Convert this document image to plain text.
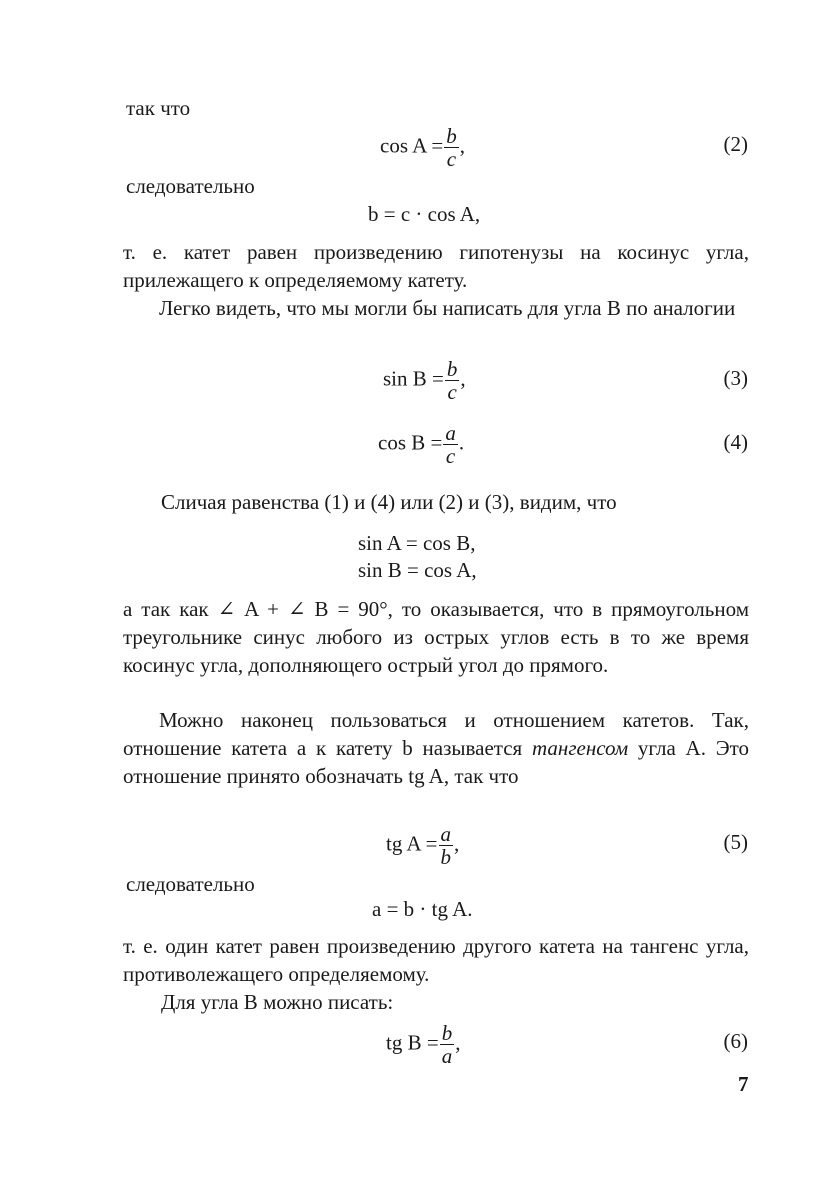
так что
$\cos A = \frac{b}{c}$ ,	(2)
следовательно
b = c · cos A,
т. е. катет равен произведению гипотенузы на косинус угла, прилежащего к определяемому катету.
Легко видеть, что мы могли бы написать для угла B по аналогии
$\sin B = \frac{b}{c}$ ,	(3)
$\cos B = \frac{a}{c}$ .	(4)
Сличая равенства (1) и (4) или (2) и (3), видим, что
sin A = cos B,
sin B = cos A,
а так как ∠ A + ∠ B = 90°, то оказывается, что в прямоугольном треугольнике синус любого из острых углов есть в то же время косинус угла, дополняющего острый угол до прямого.
Можно наконец пользоваться и отношением катетов. Так, отношение катета a к катету b называется тангенсом угла A. Это отношение принято обозначать tg A, так что
tg $A = \frac{a}{b}$ ,	(5)
следовательно
a = b · tg A.
т. е. один катет равен произведению другого катета на тангенс угла, противолежащего определяемому.
Для угла B можно писать:
tg $B = \frac{b}{a}$ ,	(6)
7
